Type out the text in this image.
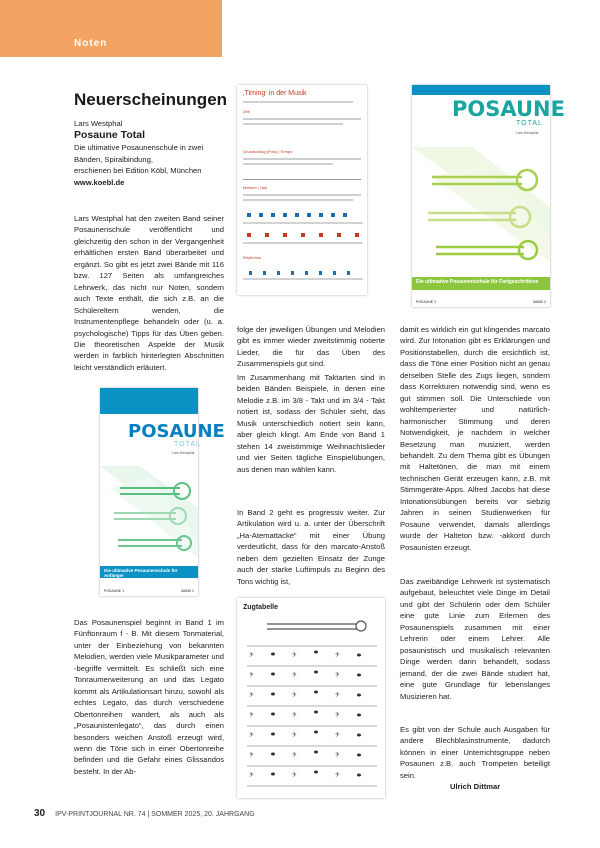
Noten
Neuerscheinungen
Lars Westphal
Posaune Total
Die ultimative Posaunenschule in zwei
Bänden, Spiralbindung,
erschienen bei Edition Köbl, München
www.koebl.de

Lars Westphal hat den zweiten Band seiner Posaunenschule veröffentlicht und gleichzeitig den schon in der Vergangenheit erhältlichen ersten Band überarbeitet und ergänzt. So gibt es jetzt zwei Bände mit 116 bzw. 127 Seiten als umfangreiches Lehrwerk, das nicht nur Noten, sondern auch Texte enthält, die sich z.B. an die Schülereltern wenden, die Instrumentenpflege behandeln oder (u. a. psychologische) Tipps für das Üben geben. Die theoretischen Aspekte der Musik werden in farblich hinterlegten Abschnitten leicht verständlich erläutert.

POSAUNE
TOTAL
Lars Westphal
Die ultimative Posaunenschule für Anfänger
POSAUNE 1	BAND 1

Das Posaunenspiel beginnt in Band 1 im Fünftonraum f - B. Mit diesem Tonmaterial, unter der Einbeziehung von bekannten Melodien, werden viele Musikparameter und -begriffe vermittelt. Es schließt sich eine Tonraumerweiterung an und das Legato kommt als Artikulationsart hinzu, sowohl als echtes Legato, das durch verschiedene Obertonreihen wandert, als auch als „Posaunistenlegato“, das durch einen besonders weichen Anstoß erzeugt wird, wenn die Töne sich in einer Obertonreihe befinden und die Gefahr eines Glissandos besteht. In der Ab-

‚Timing‘ in der Musik
Zeit
Grundschlag (Puls) | Tempo
Metrum | Takt
Rhythmus
POSAUNE
TOTAL
Lars Westphal
Die ultimative Posaunenschule für Fortgeschrittene
POSAUNE 2	BAND 2

folge der jeweiligen Übungen und Melodien gibt es immer wieder zweitstimmig notierte Lieder, die für das Üben des Zusammenspiels gut sind.

Im Zusammenhang mit Taktarten sind in beiden Bänden Beispiele, in denen eine Melodie z.B. im 3/8 - Takt und im 3/4 - Takt notiert ist, sodass der Schüler sieht, das Musik unterschiedlich notiert sein kann, aber gleich klingt. Am Ende von Band 1 stehen 14 zweistimmige Weihnachtslieder und vier Seiten tägliche Einspielübungen, aus denen man wählen kann.

In Band 2 geht es progressiv weiter. Zur Artikulation wird u. a. unter der Überschrift „Ha-Atemattacke“ mit einer Übung verdeutlicht, dass für den marcato-Anstoß neben dem gezielten Einsatz der Zunge auch der starke Luftimpuls zu Beginn des Tons wichtig ist,

Zugtabelle
𝄢	𝄢	𝄢
𝄢	𝄢	𝄢
𝄢	𝄢	𝄢
𝄢	𝄢	𝄢
𝄢	𝄢	𝄢
𝄢	𝄢	𝄢
𝄢	𝄢	𝄢

damit es wirklich ein gut klingendes marcato wird. Zur Intonation gibt es Erklärungen und Positionstabellen, durch die ersichtlich ist, dass die Töne einer Position nicht an genau derselben Stelle des Zugs liegen, sondern dass Korrekturen notwendig sind, wenn es gut stimmen soll. Die Unterschiede von wohltemperierter und natürlich-harmonischer Stimmung und deren Notwendigkeit, je nachdem in welcher Besetzung man musiziert, werden behandelt. Zu dem Thema gibt es Übungen mit Haltetönen, die man mit einem technischen Gerät erzeugen kann, z.B. mit Stimmgeräte-Apps. Alfred Jacobs hat diese Intonationsübungen bereits vor siebzig Jahren in seinen Studienwerken für Posaune verwendet, damals allerdings wurde der Halteton bzw. -akkord durch Posaunisten erzeugt.

Das zweibändige Lehrwerk ist systematisch aufgebaut, beleuchtet viele Dinge im Detail und gibt der Schülerin oder dem Schüler eine gute Linie zum Erlernen des Posaunenspiels zusammen mit einer Lehrerin oder einem Lehrer. Alle posaunistisch und musikalisch relevanten Dinge werden darin behandelt, sodass jemand, der die zwei Bände studiert hat, eine gute Grundlage für lebenslanges Musizieren hat.

Es gibt von der Schule auch Ausgaben für andere Blechblasinstrumente, dadurch können in einer Unterrichtsgruppe neben Posaunen z.B. auch Trompeten beteiligt sein.

Ulrich Dittmar
30 IPV-PRINTJOURNAL NR. 74 | SOMMER 2025, 20. JAHRGANG
